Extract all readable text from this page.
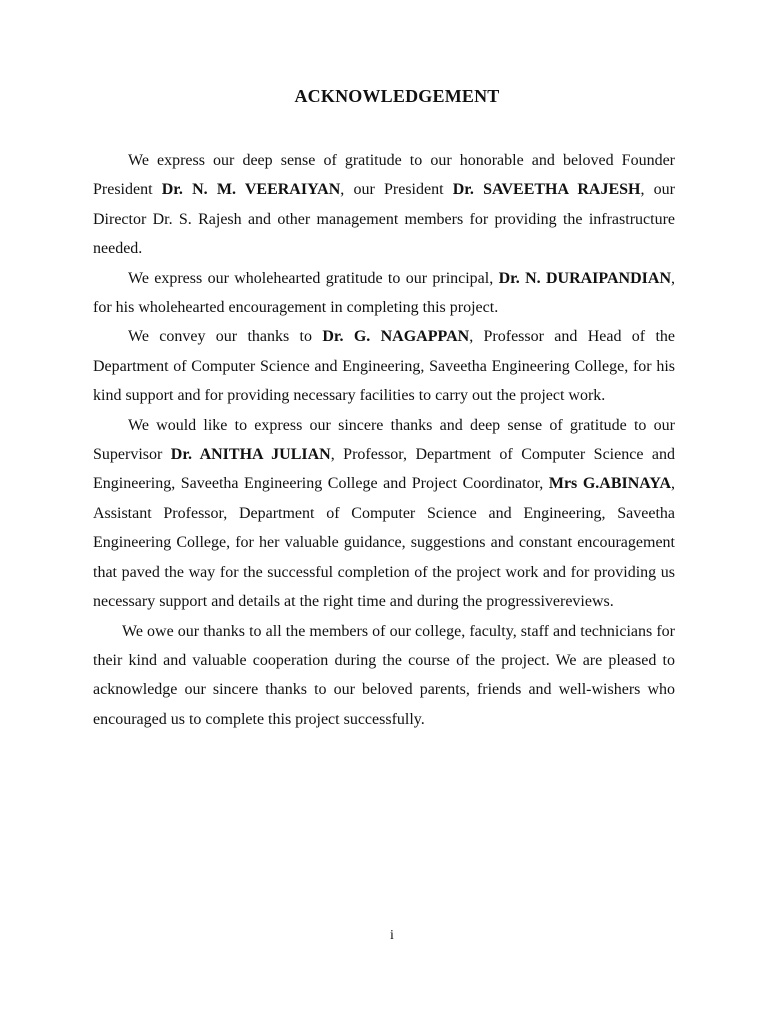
ACKNOWLEDGEMENT

We express our deep sense of gratitude to our honorable and beloved Founder President Dr. N. M. VEERAIYAN, our President Dr. SAVEETHA RAJESH, our Director Dr. S. Rajesh and other management members for providing the infrastructure needed.

We express our wholehearted gratitude to our principal, Dr. N. DURAIPANDIAN, for his wholehearted encouragement in completing this project.

We convey our thanks to Dr. G. NAGAPPAN, Professor and Head of the Department of Computer Science and Engineering, Saveetha Engineering College, for his kind support and for providing necessary facilities to carry out the project work.

We would like to express our sincere thanks and deep sense of gratitude to our Supervisor Dr. ANITHA JULIAN, Professor, Department of Computer Science and Engineering, Saveetha Engineering College and Project Coordinator, Mrs G.ABINAYA, Assistant Professor, Department of Computer Science and Engineering, Saveetha Engineering College, for her valuable guidance, suggestions and constant encouragement that paved the way for the successful completion of the project work and for providing us necessary support and details at the right time and during the progressivereviews.

We owe our thanks to all the members of our college, faculty, staff and technicians for their kind and valuable cooperation during the course of the project. We are pleased to acknowledge our sincere thanks to our beloved parents, friends and well-wishers who encouraged us to complete this project successfully.

i
